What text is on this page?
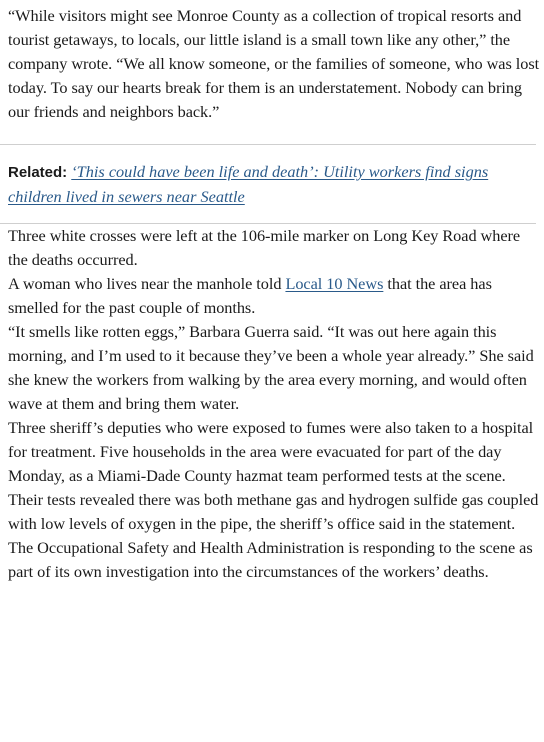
“While visitors might see Monroe County as a collection of tropical resorts and tourist getaways, to locals, our little island is a small town like any other,” the company wrote. “We all know someone, or the families of someone, who was lost today. To say our hearts break for them is an understatement. Nobody can bring our friends and neighbors back.”

Related: ‘This could have been life and death’: Utility workers find signs children lived in sewers near Seattle

Three white crosses were left at the 106-mile marker on Long Key Road where the deaths occurred.

A woman who lives near the manhole told Local 10 News that the area has smelled for the past couple of months.

“It smells like rotten eggs,” Barbara Guerra said. “It was out here again this morning, and I’m used to it because they’ve been a whole year already.” She said she knew the workers from walking by the area every morning, and would often wave at them and bring them water.

Three sheriff’s deputies who were exposed to fumes were also taken to a hospital for treatment. Five households in the area were evacuated for part of the day Monday, as a Miami-Dade County hazmat team performed tests at the scene. Their tests revealed there was both methane gas and hydrogen sulfide gas coupled with low levels of oxygen in the pipe, the sheriff’s office said in the statement.

The Occupational Safety and Health Administration is responding to the scene as part of its own investigation into the circumstances of the workers’ deaths.
